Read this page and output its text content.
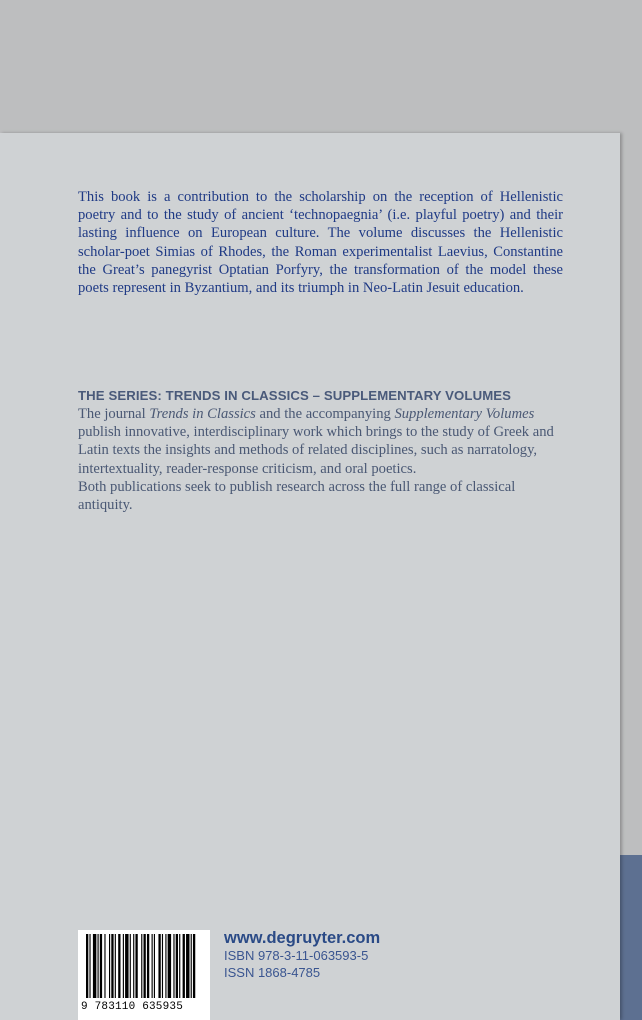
This book is a contribution to the scholarship on the reception of Hellenistic poetry and to the study of ancient ‘technopaegnia’ (i.e. playful poetry) and their lasting influence on European culture. The volume discusses the Hellenistic scholar-poet Simias of Rhodes, the Roman experimentalist Laevius, Constantine the Great’s panegyrist Optatian Porfyry, the transformation of the model these poets represent in Byzantium, and its triumph in Neo-Latin Jesuit education.

THE SERIES: TRENDS IN CLASSICS – SUPPLEMENTARY VOLUMES

The journal Trends in Classics and the accompanying Supplementary Volumes publish innovative, interdisciplinary work which brings to the study of Greek and Latin texts the insights and methods of related disciplines, such as narratology, intertextuality, reader-response criticism, and oral poetics.
Both publications seek to publish research across the full range of classical antiquity.

9 783110 635935
www.degruyter.com
ISBN 978-3-11-063593-5
ISSN 1868-4785
